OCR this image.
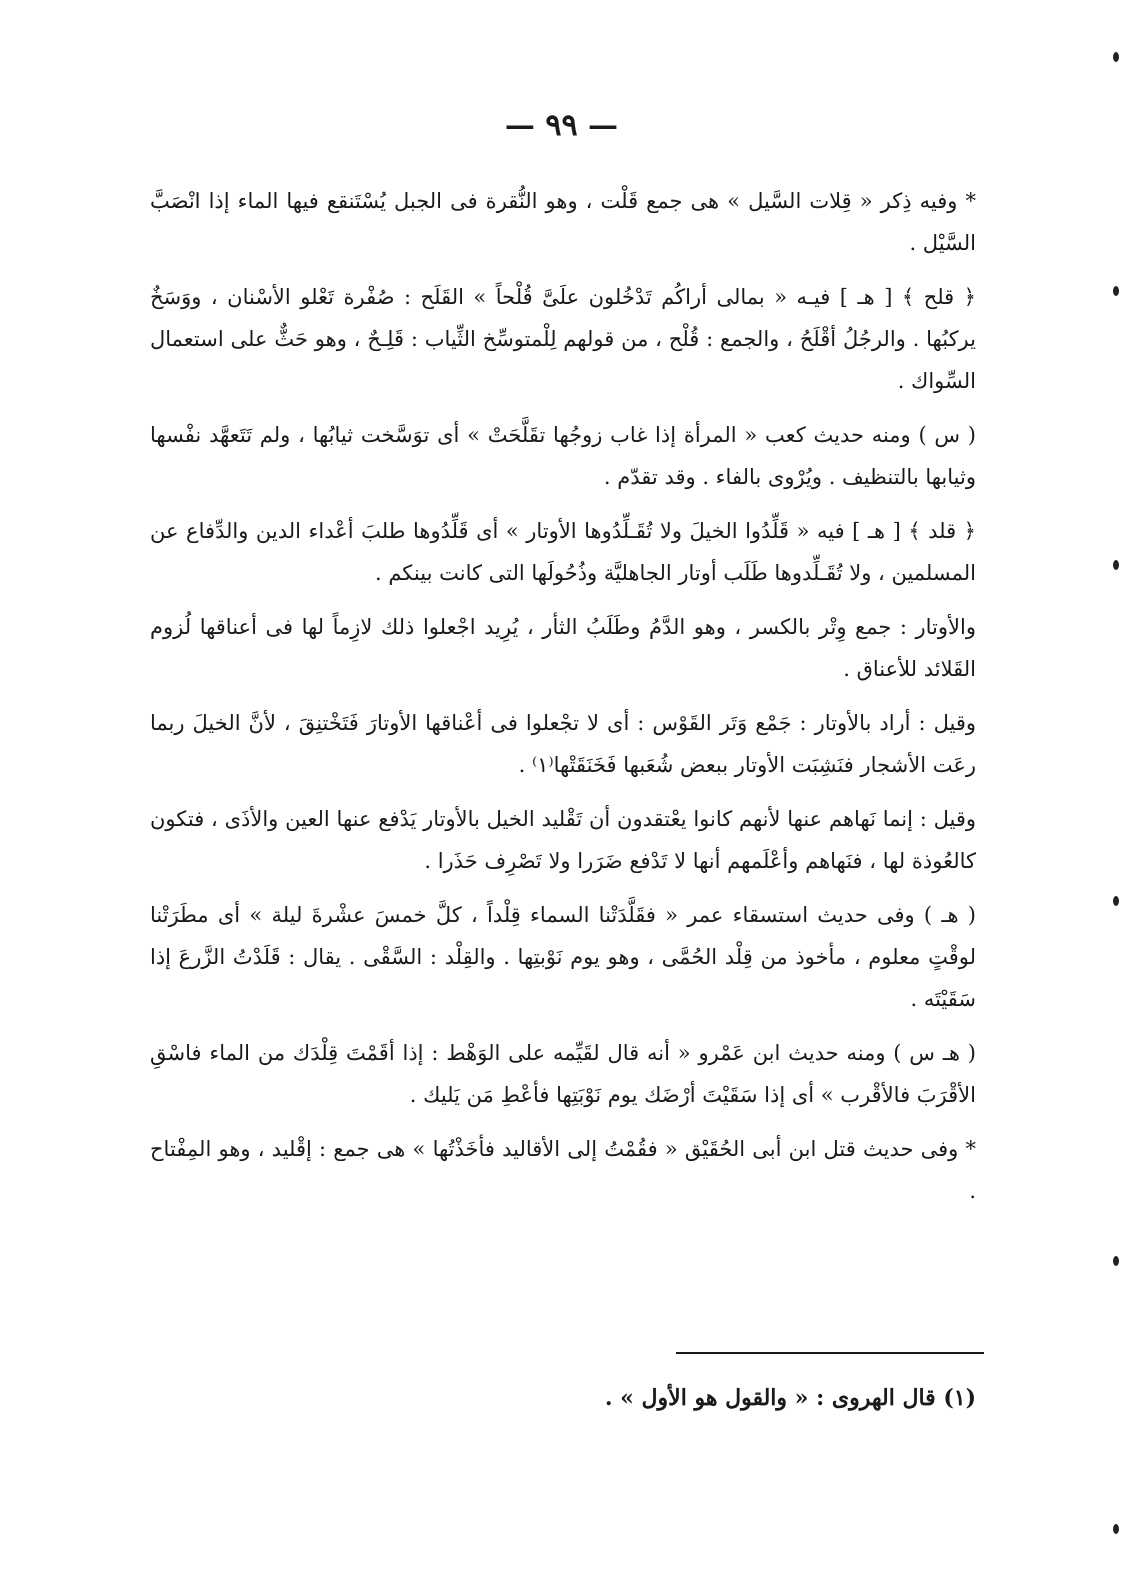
— ٩٩ —

* وفيه ذِكر « قِلات السَّيل » هى جمع قَلْت ، وهو النُّقرة فى الجبل يُسْتَنقع فيها الماء إذا انْصَبَّ السَّيْل .

﴿ قلح ﴾ [ هـ ] فيـه « بمالى أراكُم تَدْخُلون علَىَّ قُلْحاً » القَلَح : صُفْرة تَعْلو الأسْنان ، ووَسَخٌ يركبُها . والرجُلُ أقْلَحُ ، والجمع : قُلْح ، من قولهم لِلْمتوسِّخ الثِّياب : قَلِـحٌ ، وهو حَثٌّ على استعمال السِّواك .

( س ) ومنه حديث كعب « المرأة إذا غاب زوجُها تقَلَّحَتْ » أى توَسَّخت ثيابُها ، ولم تَتَعهَّد نفْسها وثيابها بالتنظيف . ويُرْوى بالفاء . وقد تقدّم .

﴿ قلد ﴾ [ هـ ] فيه « قَلِّدُوا الخيلَ ولا تُقَـلِّدُوها الأوتار » أى قَلِّدُوها طلبَ أعْداء الدين والدِّفاع عن المسلمين ، ولا تُقَـلِّدوها طَلَب أوتار الجاهليَّة وذُحُولَها التى كانت بينكم .

والأوتار : جمع وِتْر بالكسر ، وهو الدَّمُ وطَلَبُ الثأر ، يُرِيد اجْعلوا ذلك لازِماً لها فى أعناقها لُزوم القَلائد للأعناق .

وقيل : أراد بالأوتار : جَمْع وَتَر القَوْس : أى لا تجْعلوا فى أعْناقها الأوتارَ فَتَخْتنِقَ ، لأنَّ الخيلَ ربما رعَت الأشجار فنَشِبَت الأوتار ببعض شُعَبها فَخَنَقَتْها⁽١⁾ .

وقيل : إنما نَهاهم عنها لأنهم كانوا يعْتقدون أن تَقْليد الخيل بالأوتار يَدْفع عنها العين والأذَى ، فتكون كالعُوذة لها ، فنَهاهم وأعْلَمهم أنها لا تَدْفع ضَرَرا ولا تَصْرِف حَذَرا .

( هـ ) وفى حديث استسقاء عمر « فقَلَّدَتْنا السماء قِلْداً ، كلَّ خمسَ عشْرةَ ليلة » أى مطَرَتْنا لوقْتٍ معلوم ، مأخوذ من قِلْد الحُمَّى ، وهو يوم نَوْبتِها . والقِلْد : السَّقْى . يقال : قَلَدْتُ الزَّرعَ إذا سَقَيْتَه .

( هـ س ) ومنه حديث ابن عَمْرو « أنه قال لقَيِّمه على الوَهْط : إذا أقَمْتَ قِلْدَك من الماء فاسْقِ الأقْرَبَ فالأقْرب » أى إذا سَقَيْتَ أرْضَك يوم نَوْبَتِها فأعْطِ مَن يَليك .

* وفى حديث قتل ابن أبى الحُقَيْق « فقُمْتُ إلى الأقاليد فأخَذْتُها » هى جمع : إقْليد ، وهو المِفْتاح .

(١) قال الهروى : « والقول هو الأول » .
